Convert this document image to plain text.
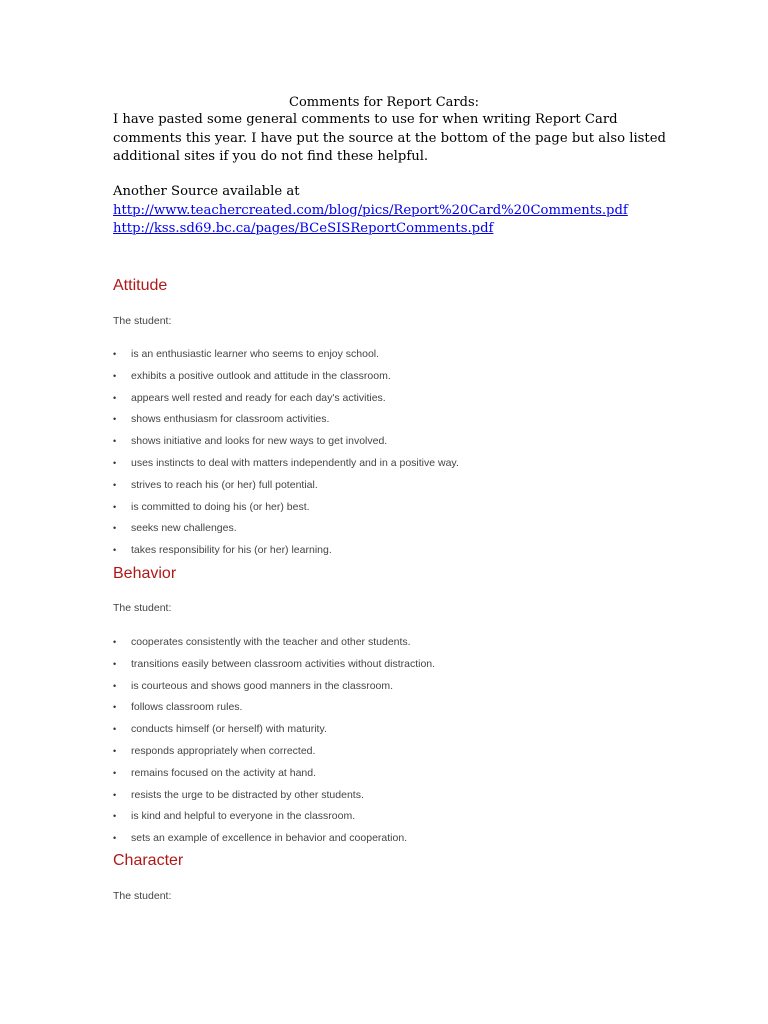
Comments for Report Cards:

I have pasted some general comments to use for when writing Report Card

comments this year. I have put the source at the bottom of the page but also listed

additional sites if you do not find these helpful.

Another Source available at

http://www.teachercreated.com/blog/pics/Report%20Card%20Comments.pdf
http://kss.sd69.bc.ca/pages/BCeSISReportComments.pdf
Attitude

The student:

• is an enthusiastic learner who seems to enjoy school.
• exhibits a positive outlook and attitude in the classroom.
• appears well rested and ready for each day's activities.
• shows enthusiasm for classroom activities.
• shows initiative and looks for new ways to get involved.
• uses instincts to deal with matters independently and in a positive way.
• strives to reach his (or her) full potential.
• is committed to doing his (or her) best.
• seeks new challenges.
• takes responsibility for his (or her) learning.
Behavior

The student:

• cooperates consistently with the teacher and other students.
• transitions easily between classroom activities without distraction.
• is courteous and shows good manners in the classroom.
• follows classroom rules.
• conducts himself (or herself) with maturity.
• responds appropriately when corrected.
• remains focused on the activity at hand.
• resists the urge to be distracted by other students.
• is kind and helpful to everyone in the classroom.
• sets an example of excellence in behavior and cooperation.
Character

The student:
